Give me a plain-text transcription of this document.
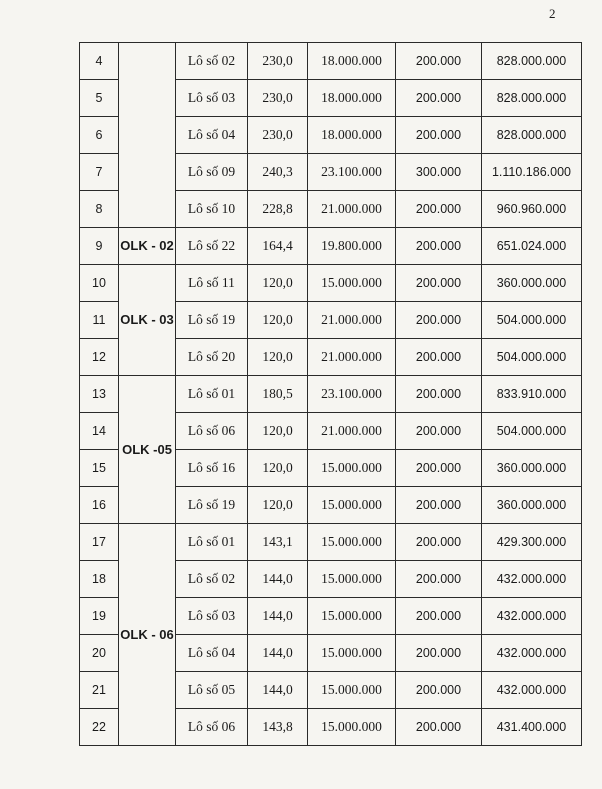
2
4		Lô số 02	230,0	18.000.000	200.000	828.000.000
5		Lô số 03	230,0	18.000.000	200.000	828.000.000
6		Lô số 04	230,0	18.000.000	200.000	828.000.000
7		Lô số 09	240,3	23.100.000	300.000	1.110.186.000
8		Lô số 10	228,8	21.000.000	200.000	960.960.000
9	OLK - 02	Lô số 22	164,4	19.800.000	200.000	651.024.000
10	OLK - 03	Lô số 11	120,0	15.000.000	200.000	360.000.000
11		Lô số 19	120,0	21.000.000	200.000	504.000.000
12		Lô số 20	120,0	21.000.000	200.000	504.000.000
13	OLK -05	Lô số 01	180,5	23.100.000	200.000	833.910.000
14		Lô số 06	120,0	21.000.000	200.000	504.000.000
15		Lô số 16	120,0	15.000.000	200.000	360.000.000
16		Lô số 19	120,0	15.000.000	200.000	360.000.000
17	OLK - 06	Lô số 01	143,1	15.000.000	200.000	429.300.000
18		Lô số 02	144,0	15.000.000	200.000	432.000.000
19		Lô số 03	144,0	15.000.000	200.000	432.000.000
20		Lô số 04	144,0	15.000.000	200.000	432.000.000
21		Lô số 05	144,0	15.000.000	200.000	432.000.000
22		Lô số 06	143,8	15.000.000	200.000	431.400.000
